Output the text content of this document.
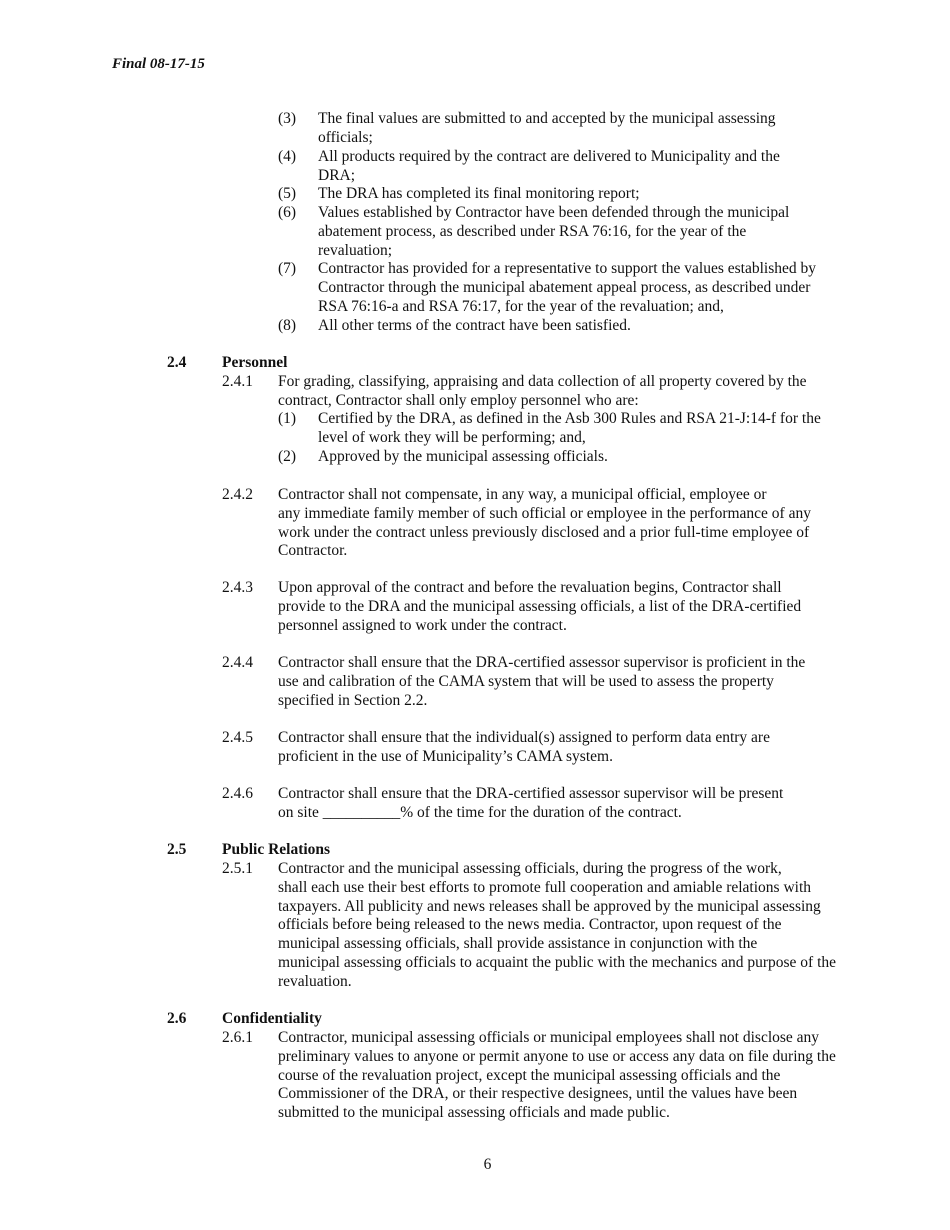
Final 08-17-15
(3) The final values are submitted to and accepted by the municipal assessing
officials;
(4) All products required by the contract are delivered to Municipality and the
DRA;
(5) The DRA has completed its final monitoring report;
(6) Values established by Contractor have been defended through the municipal
abatement process, as described under RSA 76:16, for the year of the
revaluation;
(7) Contractor has provided for a representative to support the values established by
Contractor through the municipal abatement appeal process, as described under
RSA 76:16-a and RSA 76:17, for the year of the revaluation; and,
(8) All other terms of the contract have been satisfied.
2.4 Personnel
2.4.1 For grading, classifying, appraising and data collection of all property covered by the
contract, Contractor shall only employ personnel who are:
(1) Certified by the DRA, as defined in the Asb 300 Rules and RSA 21-J:14-f for the
level of work they will be performing; and,
(2) Approved by the municipal assessing officials.
2.4.2 Contractor shall not compensate, in any way, a municipal official, employee or
any immediate family member of such official or employee in the performance of any
work under the contract unless previously disclosed and a prior full-time employee of
Contractor.
2.4.3 Upon approval of the contract and before the revaluation begins, Contractor shall
provide to the DRA and the municipal assessing officials, a list of the DRA-certified
personnel assigned to work under the contract.
2.4.4 Contractor shall ensure that the DRA-certified assessor supervisor is proficient in the
use and calibration of the CAMA system that will be used to assess the property
specified in Section 2.2.
2.4.5 Contractor shall ensure that the individual(s) assigned to perform data entry are
proficient in the use of Municipality’s CAMA system.
2.4.6 Contractor shall ensure that the DRA-certified assessor supervisor will be present
on site __________% of the time for the duration of the contract.
2.5 Public Relations
2.5.1 Contractor and the municipal assessing officials, during the progress of the work,
shall each use their best efforts to promote full cooperation and amiable relations with
taxpayers. All publicity and news releases shall be approved by the municipal assessing
officials before being released to the news media. Contractor, upon request of the
municipal assessing officials, shall provide assistance in conjunction with the
municipal assessing officials to acquaint the public with the mechanics and purpose of the
revaluation.
2.6 Confidentiality
2.6.1 Contractor, municipal assessing officials or municipal employees shall not disclose any
preliminary values to anyone or permit anyone to use or access any data on file during the
course of the revaluation project, except the municipal assessing officials and the
Commissioner of the DRA, or their respective designees, until the values have been
submitted to the municipal assessing officials and made public.
6
